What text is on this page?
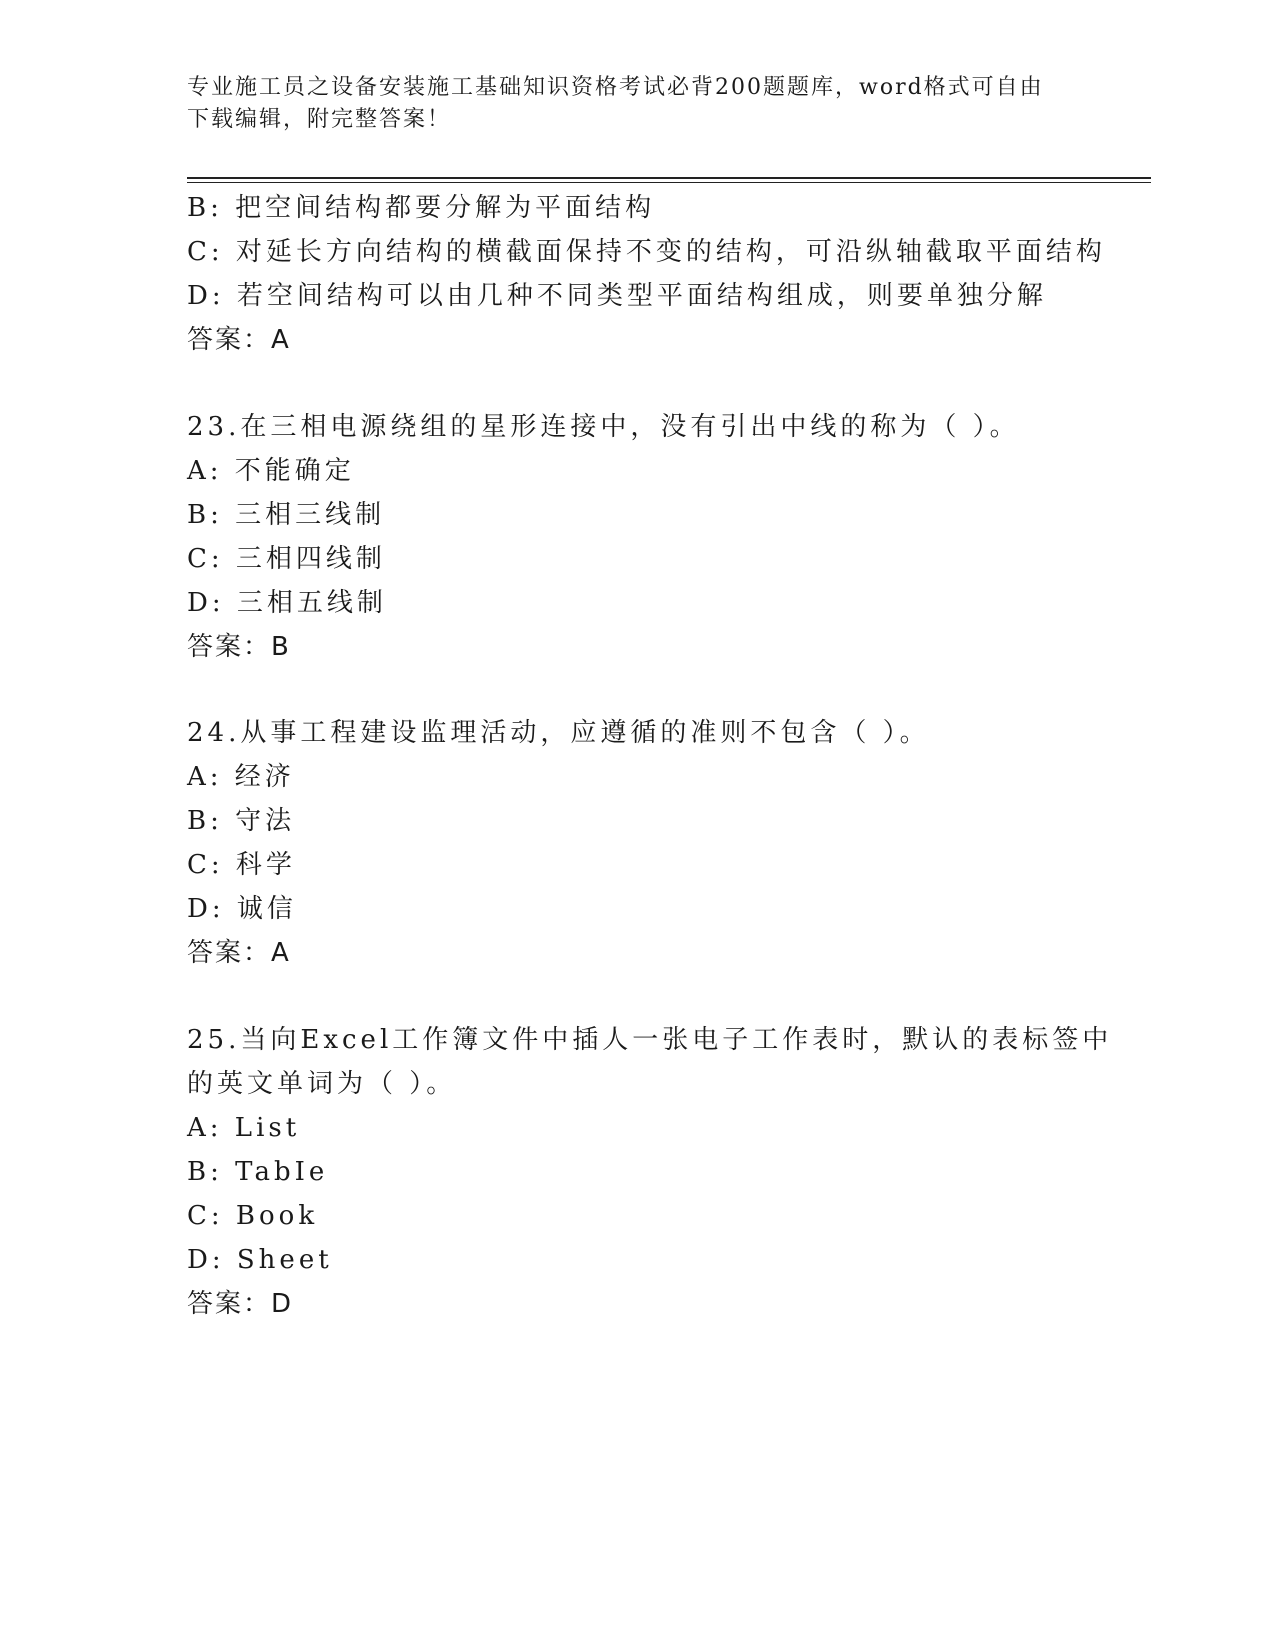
专业施工员之设备安装施工基础知识资格考试必背200题题库，word格式可自由
下载编辑，附完整答案！
B: 把空间结构都要分解为平面结构
C: 对延长方向结构的横截面保持不变的结构，可沿纵轴截取平面结构
D: 若空间结构可以由几种不同类型平面结构组成，则要单独分解
答案：A
23.在三相电源绕组的星形连接中，没有引出中线的称为（ ）。
A: 不能确定
B: 三相三线制
C: 三相四线制
D: 三相五线制
答案：B
24.从事工程建设监理活动，应遵循的准则不包含（ ）。
A: 经济
B: 守法
C: 科学
D: 诚信
答案：A
25.当向Excel工作簿文件中插人一张电子工作表时，默认的表标签中
的英文单词为（ ）。
A: List
B: TabIe
C: Book
D: Sheet
答案：D
